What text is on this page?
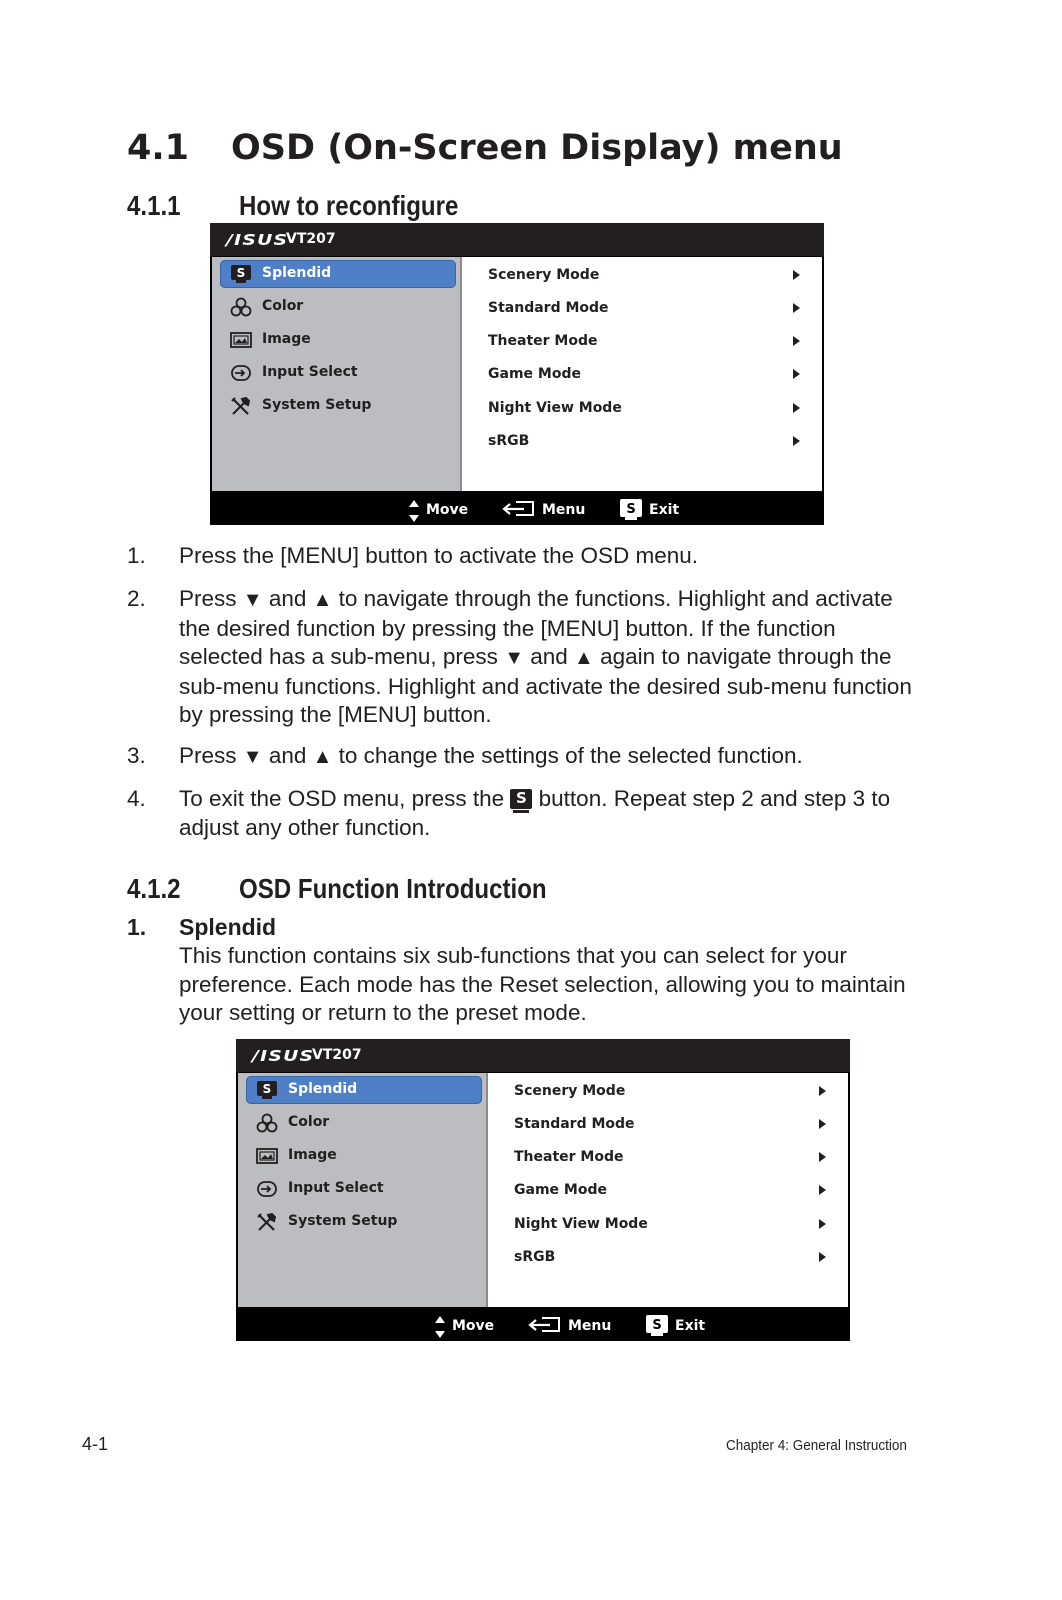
4.1 OSD (On-Screen Display) menu
4.1.1 How to reconfigure
/ISUS
VT207
S Splendid
Color
Image
Input Select
System Setup
Scenery Mode
Standard Mode
Theater Mode
Game Mode
Night View Mode
sRGB
Move	Menu	S Exit
1. Press the [MENU] button to activate the OSD menu.
2. Press ▼ and ▲ to navigate through the functions. Highlight and activate the desired function by pressing the [MENU] button. If the function selected has a sub-menu, press ▼ and ▲ again to navigate through the sub-menu functions. Highlight and activate the desired sub-menu function by pressing the [MENU] button.
3. Press ▼ and ▲ to change the settings of the selected function.
4. To exit the OSD menu, press the S button. Repeat step 2 and step 3 to adjust any other function.
4.1.2 OSD Function Introduction
1. Splendid
This function contains six sub-functions that you can select for your preference. Each mode has the Reset selection, allowing you to maintain your setting or return to the preset mode.
/ISUS
VT207
S Splendid
Color
Image
Input Select
System Setup
Scenery Mode
Standard Mode
Theater Mode
Game Mode
Night View Mode
sRGB
Move	Menu	S Exit
4-1	Chapter 4: General Instruction
